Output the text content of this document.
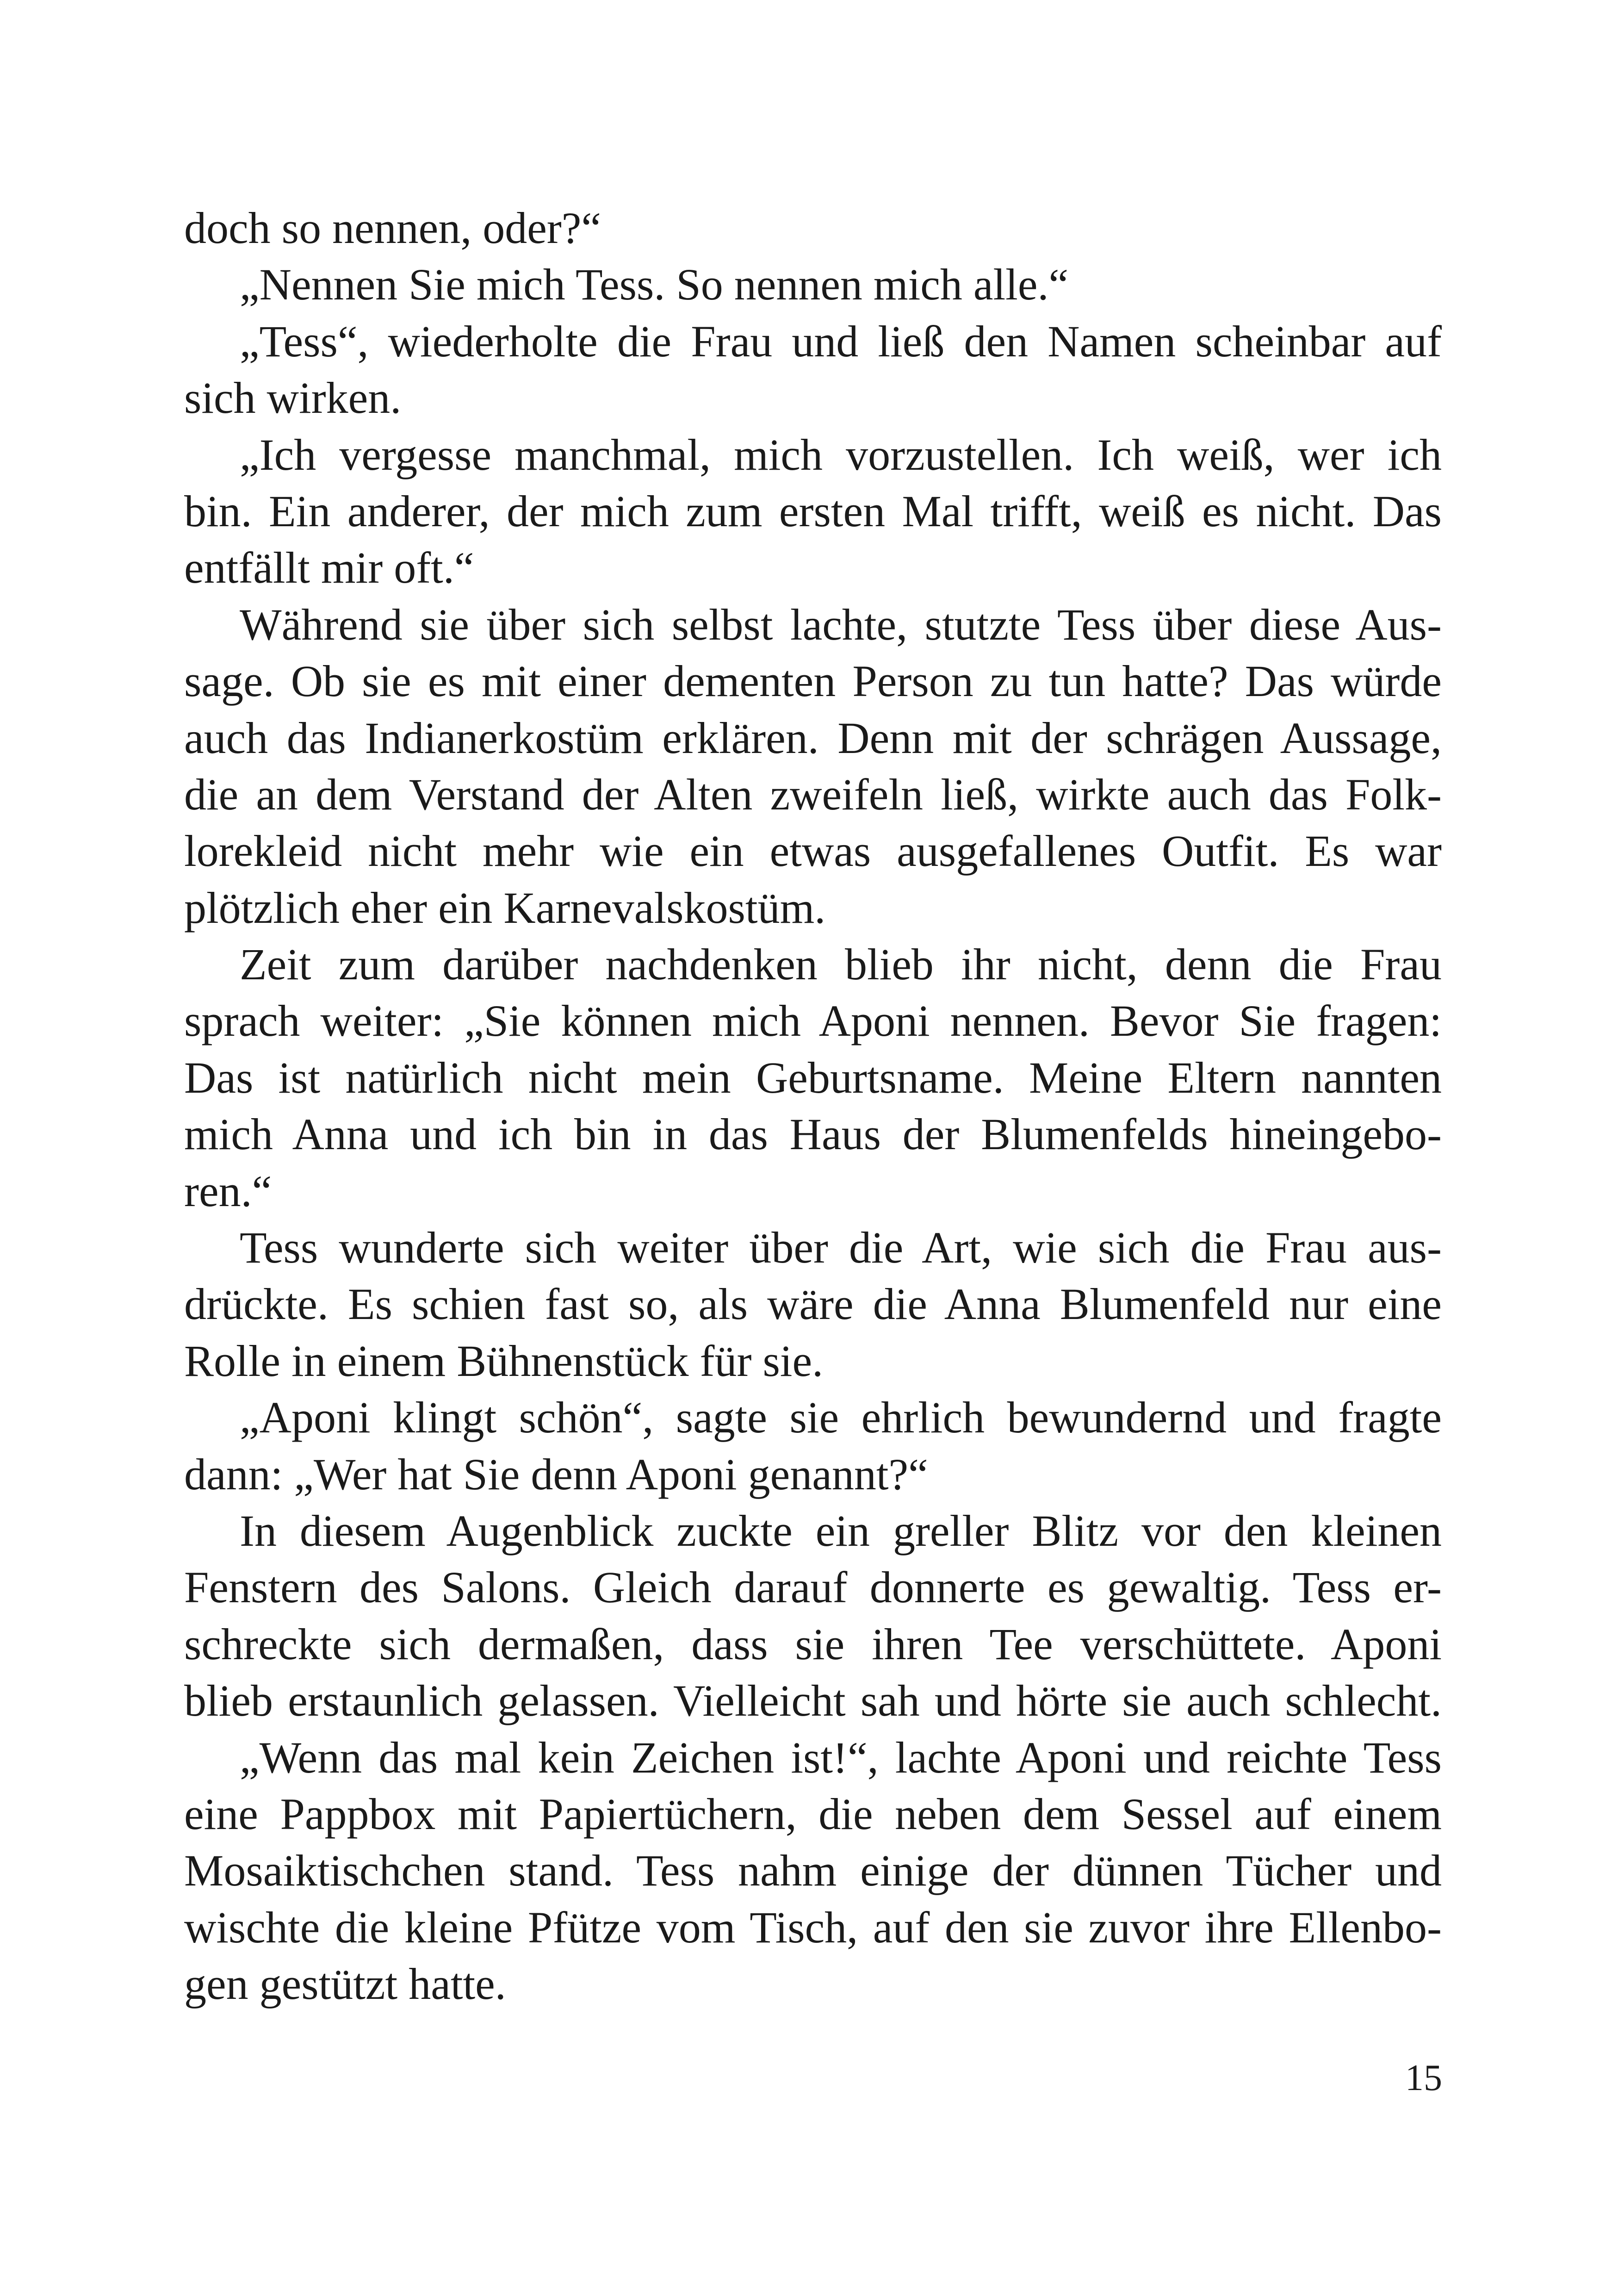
doch so nennen, oder?“
„Nennen Sie mich Tess. So nennen mich alle.“
„Tess“, wiederholte die Frau und ließ den Namen scheinbar auf
sich wirken.
„Ich vergesse manchmal, mich vorzustellen. Ich weiß, wer ich
bin. Ein anderer, der mich zum ersten Mal trifft, weiß es nicht. Das
entfällt mir oft.“
Während sie über sich selbst lachte, stutzte Tess über diese Aus-
sage. Ob sie es mit einer dementen Person zu tun hatte? Das würde
auch das Indianerkostüm erklären. Denn mit der schrägen Aussage,
die an dem Verstand der Alten zweifeln ließ, wirkte auch das Folk-
lorekleid nicht mehr wie ein etwas ausgefallenes Outfit. Es war
plötzlich eher ein Karnevalskostüm.
Zeit zum darüber nachdenken blieb ihr nicht, denn die Frau
sprach weiter: „Sie können mich Aponi nennen. Bevor Sie fragen:
Das ist natürlich nicht mein Geburtsname. Meine Eltern nannten
mich Anna und ich bin in das Haus der Blumenfelds hineingebo-
ren.“
Tess wunderte sich weiter über die Art, wie sich die Frau aus-
drückte. Es schien fast so, als wäre die Anna Blumenfeld nur eine
Rolle in einem Bühnenstück für sie.
„Aponi klingt schön“, sagte sie ehrlich bewundernd und fragte
dann: „Wer hat Sie denn Aponi genannt?“
In diesem Augenblick zuckte ein greller Blitz vor den kleinen
Fenstern des Salons. Gleich darauf donnerte es gewaltig. Tess er-
schreckte sich dermaßen, dass sie ihren Tee verschüttete. Aponi
blieb erstaunlich gelassen. Vielleicht sah und hörte sie auch schlecht.
„Wenn das mal kein Zeichen ist!“, lachte Aponi und reichte Tess
eine Pappbox mit Papiertüchern, die neben dem Sessel auf einem
Mosaiktischchen stand. Tess nahm einige der dünnen Tücher und
wischte die kleine Pfütze vom Tisch, auf den sie zuvor ihre Ellenbo-
gen gestützt hatte.
15
